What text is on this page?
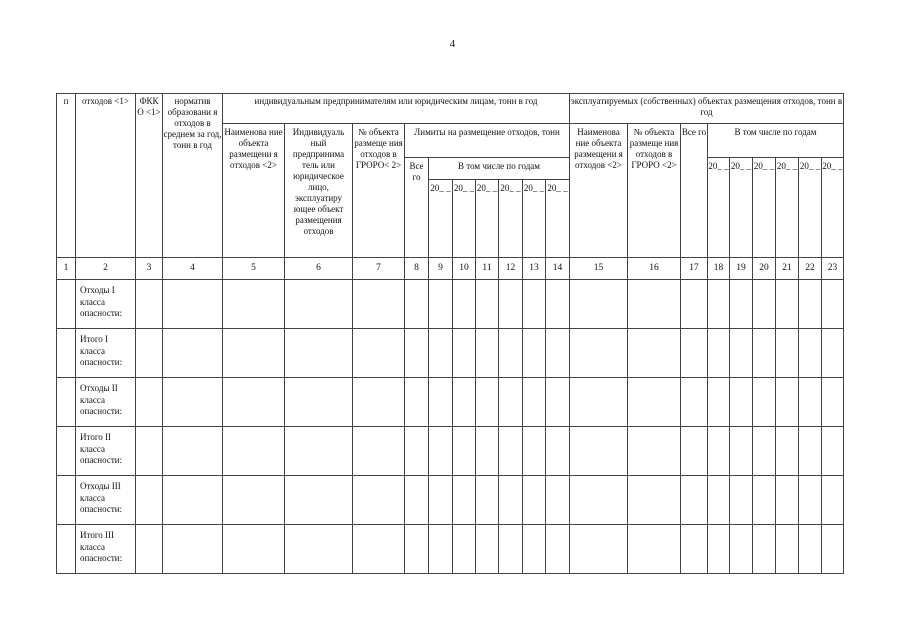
4
п	отходов <1>	ФКК О <1>	норматив образовани я отходов в среднем за год, тонн в год	индивидуальным предпринимателям или юридическим лицам, тонн в год										эксплуатируемых (собственных) объектах размещения отходов, тонн в год								
				Наименова ние объекта размещени я отходов <2>	Индивидуаль ный предпринима тель или юридическое лицо, эксплуатиру ющее объект размещения отходов	№ объекта размеще ния отходов в ГРОРО< 2>	Лимиты на размещение отходов, тонн							Наименова ние объекта размещени я отходов <2>	№ объекта размеще ния отходов в ГРОРО <2>	Все го	В том числе по годам					
							Все го	В том числе по годам									20_ _	20_ _	20_ _	20_ _	20_ _	20_ _
								20_ _	20_ _	20_ _	20_ _	20_ _	20_ _									
1	2	3	4	5	6	7	8	9	10	11	12	13	14	15	16	17	18	19	20	21	22	23
	Отходы I класса опасности:																					
	Итого I класса опасности:																					
	Отходы II класса опасности:																					
	Итого II класса опасности:																					
	Отходы III класса опасности:																					
	Итого III класса опасности:																					
